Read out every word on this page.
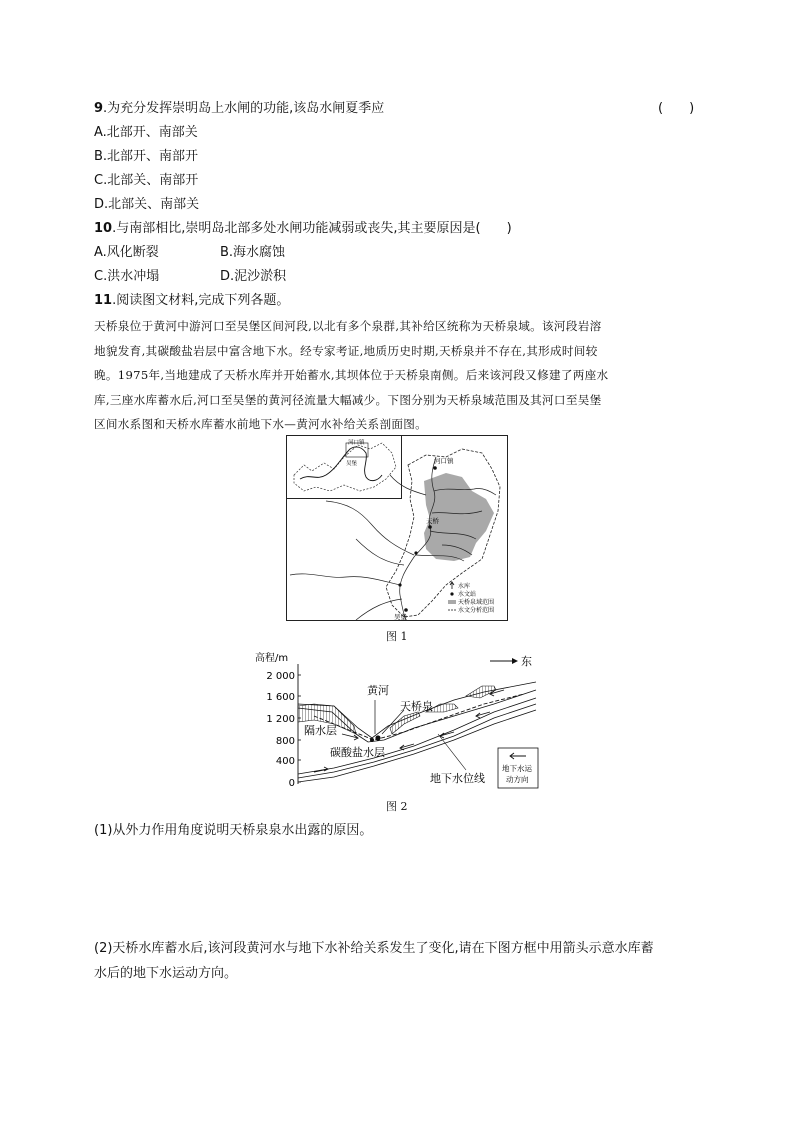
9.为充分发挥崇明岛上水闸的功能,该岛水闸夏季应	(　　)
A.北部开、南部关
B.北部开、南部开
C.北部关、南部开
D.北部关、南部关
10.与南部相比,崇明岛北部多处水闸功能减弱或丧失,其主要原因是(　　)
A.风化断裂	B.海水腐蚀
C.洪水冲塌	D.泥沙淤积
11.阅读图文材料,完成下列各题。
天桥泉位于黄河中游河口至吴堡区间河段,以北有多个泉群,其补给区统称为天桥泉域。该河段岩溶
地貌发育,其碳酸盐岩层中富含地下水。经专家考证,地质历史时期,天桥泉并不存在,其形成时间较
晚。1975年,当地建成了天桥水库并开始蓄水,其坝体位于天桥泉南侧。后来该河段又修建了两座水
库,三座水库蓄水后,河口至吴堡的黄河径流量大幅减少。下图分别为天桥泉域范围及其河口至吴堡
区间水系图和天桥水库蓄水前地下水—黄河水补给关系剖面图。
河口镇
吴堡	河口镇
天桥
吴堡
水库
水文站
天桥泉域范围
水文分析范围
图 1
高程/m
2 000
1 600
1 200
800
400
0
东
黄河
天桥泉
隔水层
碳酸盐水层
地下水位线
地下水运
动方向
图 2
(1)从外力作用角度说明天桥泉泉水出露的原因。
(2)天桥水库蓄水后,该河段黄河水与地下水补给关系发生了变化,请在下图方框中用箭头示意水库蓄
水后的地下水运动方向。
